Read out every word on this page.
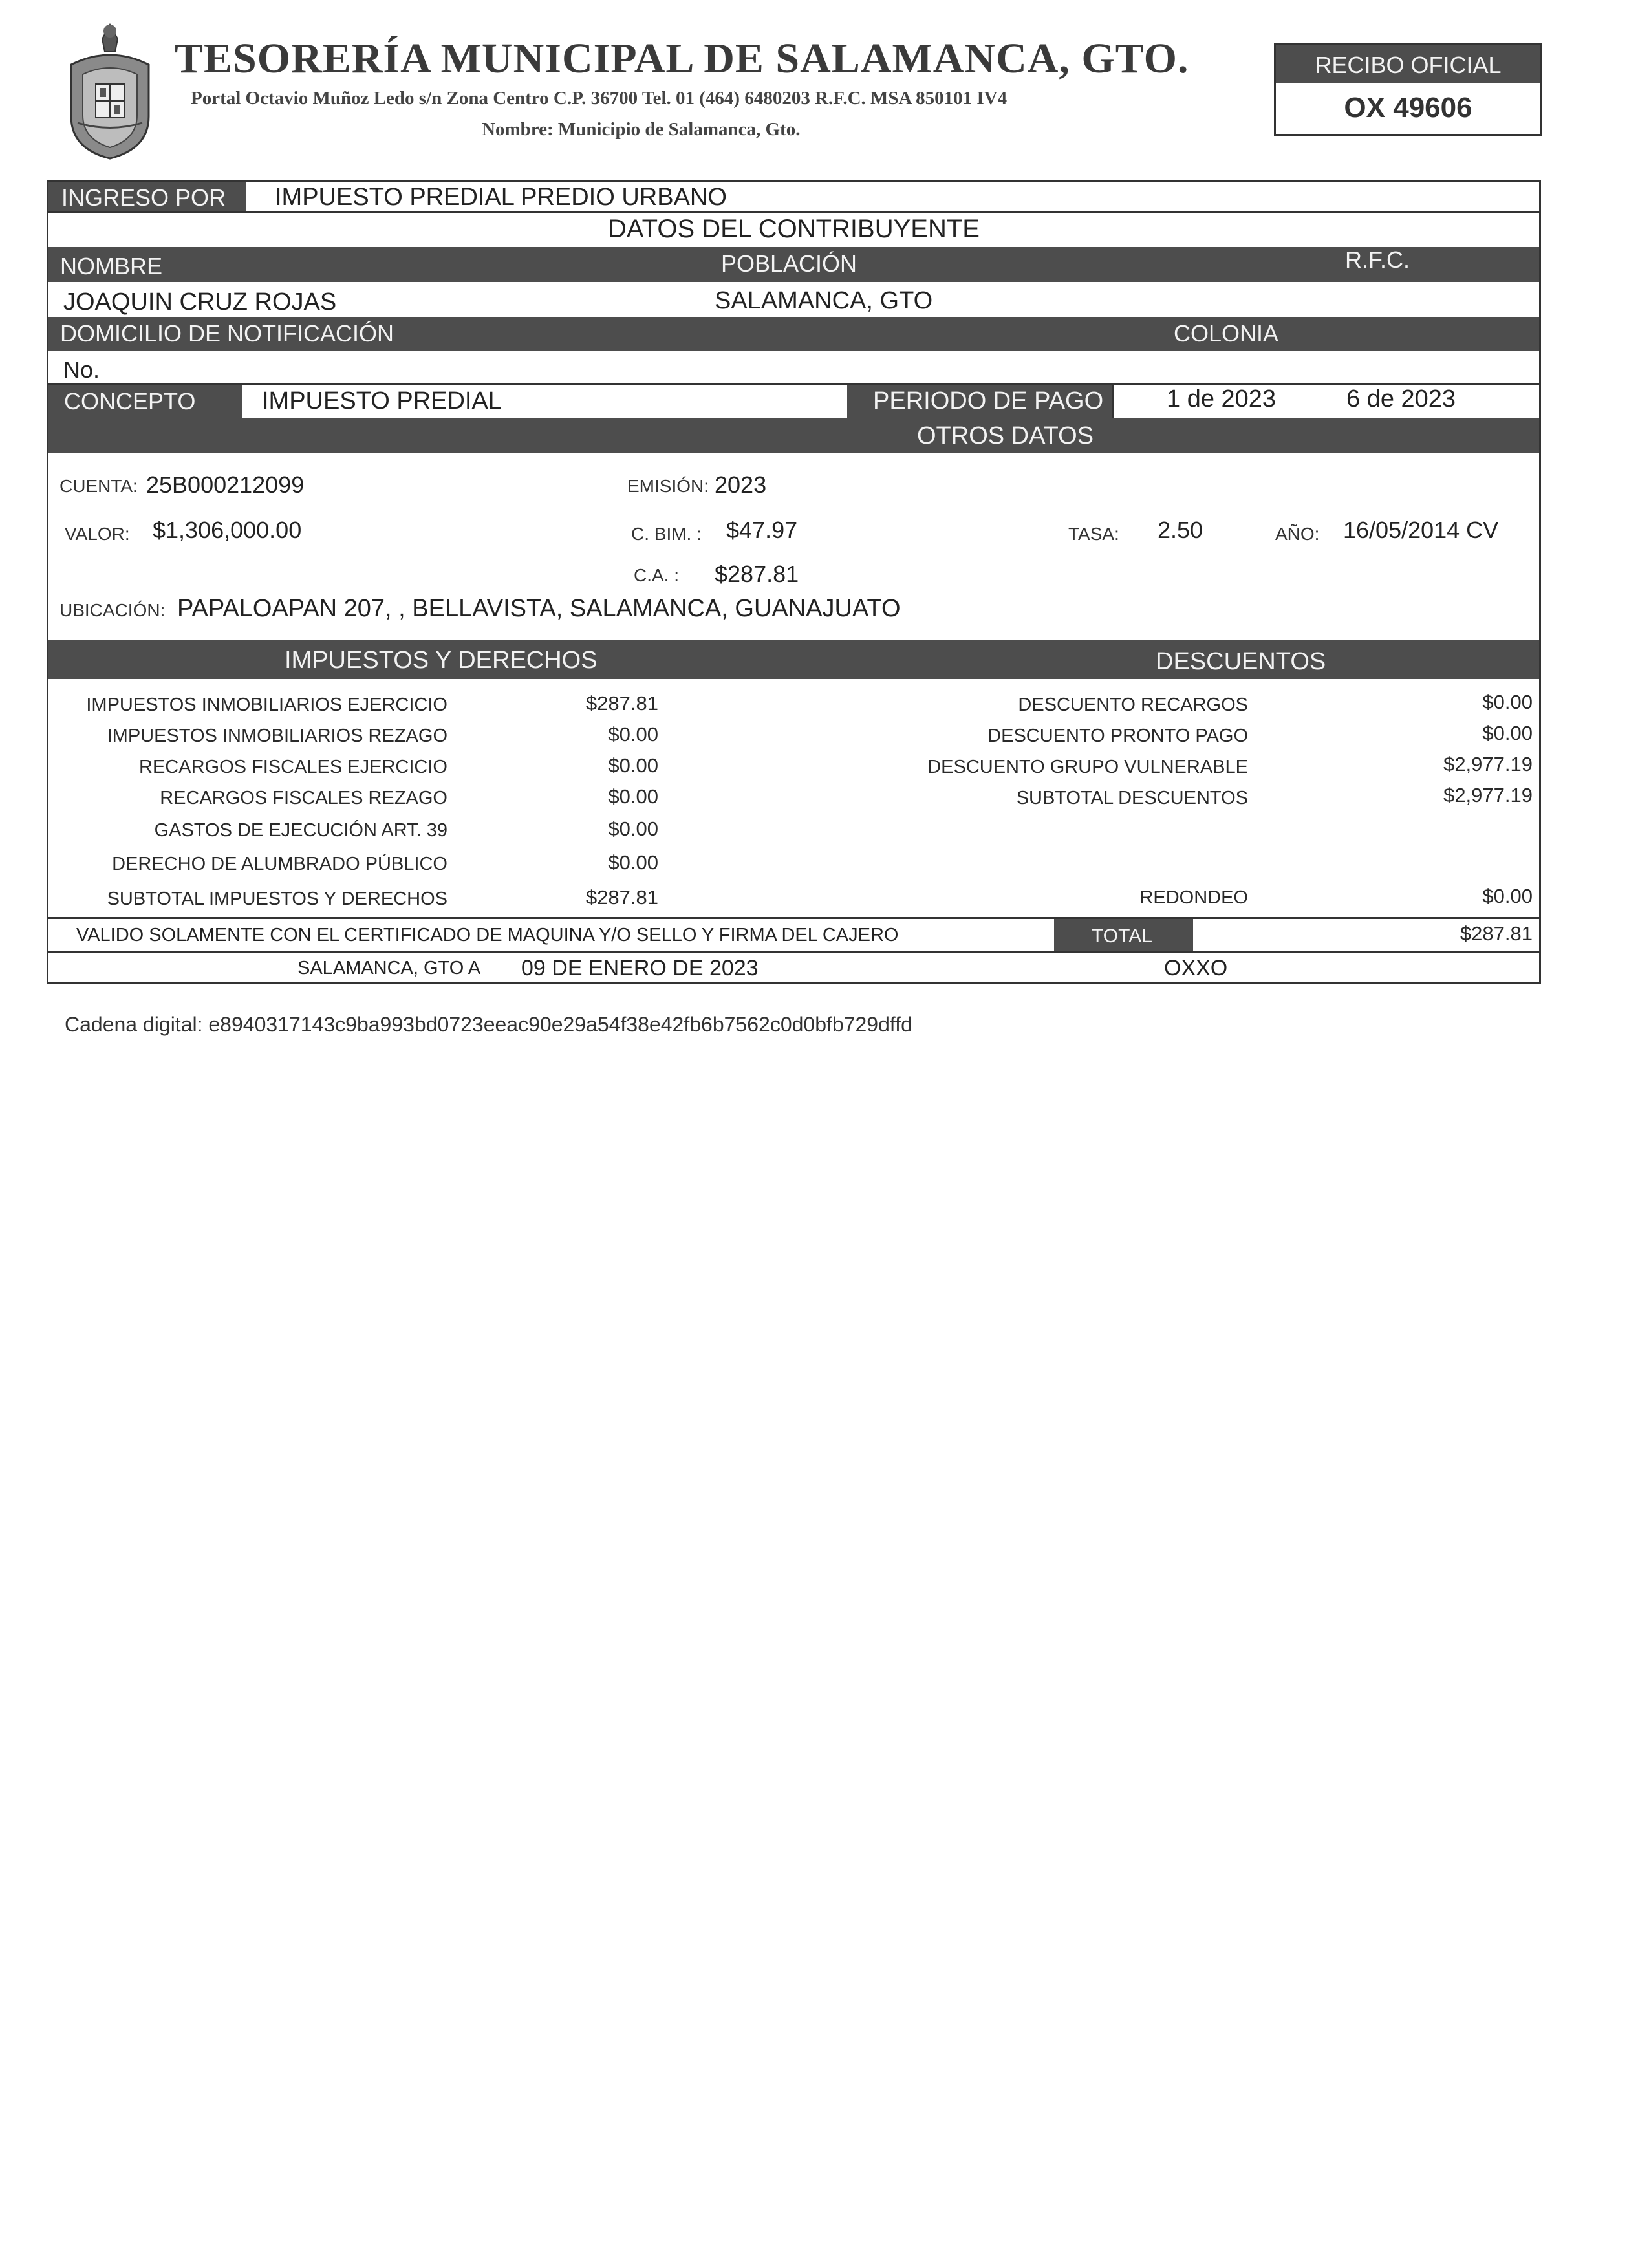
TESORERÍA MUNICIPAL DE SALAMANCA, GTO.
Portal Octavio Muñoz Ledo s/n Zona Centro C.P. 36700 Tel. 01 (464) 6480203 R.F.C. MSA 850101 IV4
Nombre: Municipio de Salamanca, Gto.
RECIBO OFICIAL
OX 49606
INGRESO POR IMPUESTO PREDIAL PREDIO URBANO
DATOS DEL CONTRIBUYENTE
NOMBRE	POBLACIÓN	R.F.C.
JOAQUIN CRUZ ROJAS	SALAMANCA, GTO
DOMICILIO DE NOTIFICACIÓN	COLONIA
No.
CONCEPTO	IMPUESTO PREDIAL	PERIODO DE PAGO	1 de 2023	6 de 2023
OTROS DATOS
CUENTA: 25B000212099	EMISIÓN: 2023
VALOR: $1,306,000.00	C. BIM. : $47.97	TASA: 2.50	AÑO: 16/05/2014 CV
C.A. : $287.81
UBICACIÓN: PAPALOAPAN 207, , BELLAVISTA, SALAMANCA, GUANAJUATO
IMPUESTOS Y DERECHOS	DESCUENTOS
IMPUESTOS INMOBILIARIOS EJERCICIO	$287.81
IMPUESTOS INMOBILIARIOS REZAGO	$0.00
RECARGOS FISCALES EJERCICIO	$0.00
RECARGOS FISCALES REZAGO	$0.00
GASTOS DE EJECUCIÓN ART. 39	$0.00
DERECHO DE ALUMBRADO PÚBLICO	$0.00
SUBTOTAL IMPUESTOS Y DERECHOS	$287.81
DESCUENTO RECARGOS	$0.00
DESCUENTO PRONTO PAGO	$0.00
DESCUENTO GRUPO VULNERABLE	$2,977.19
SUBTOTAL DESCUENTOS	$2,977.19
REDONDEO	$0.00
VALIDO SOLAMENTE CON EL CERTIFICADO DE MAQUINA Y/O SELLO Y FIRMA DEL CAJERO	TOTAL	$287.81
SALAMANCA, GTO A 09 DE ENERO DE 2023	OXXO
Cadena digital: e8940317143c9ba993bd0723eeac90e29a54f38e42fb6b7562c0d0bfb729dffd
